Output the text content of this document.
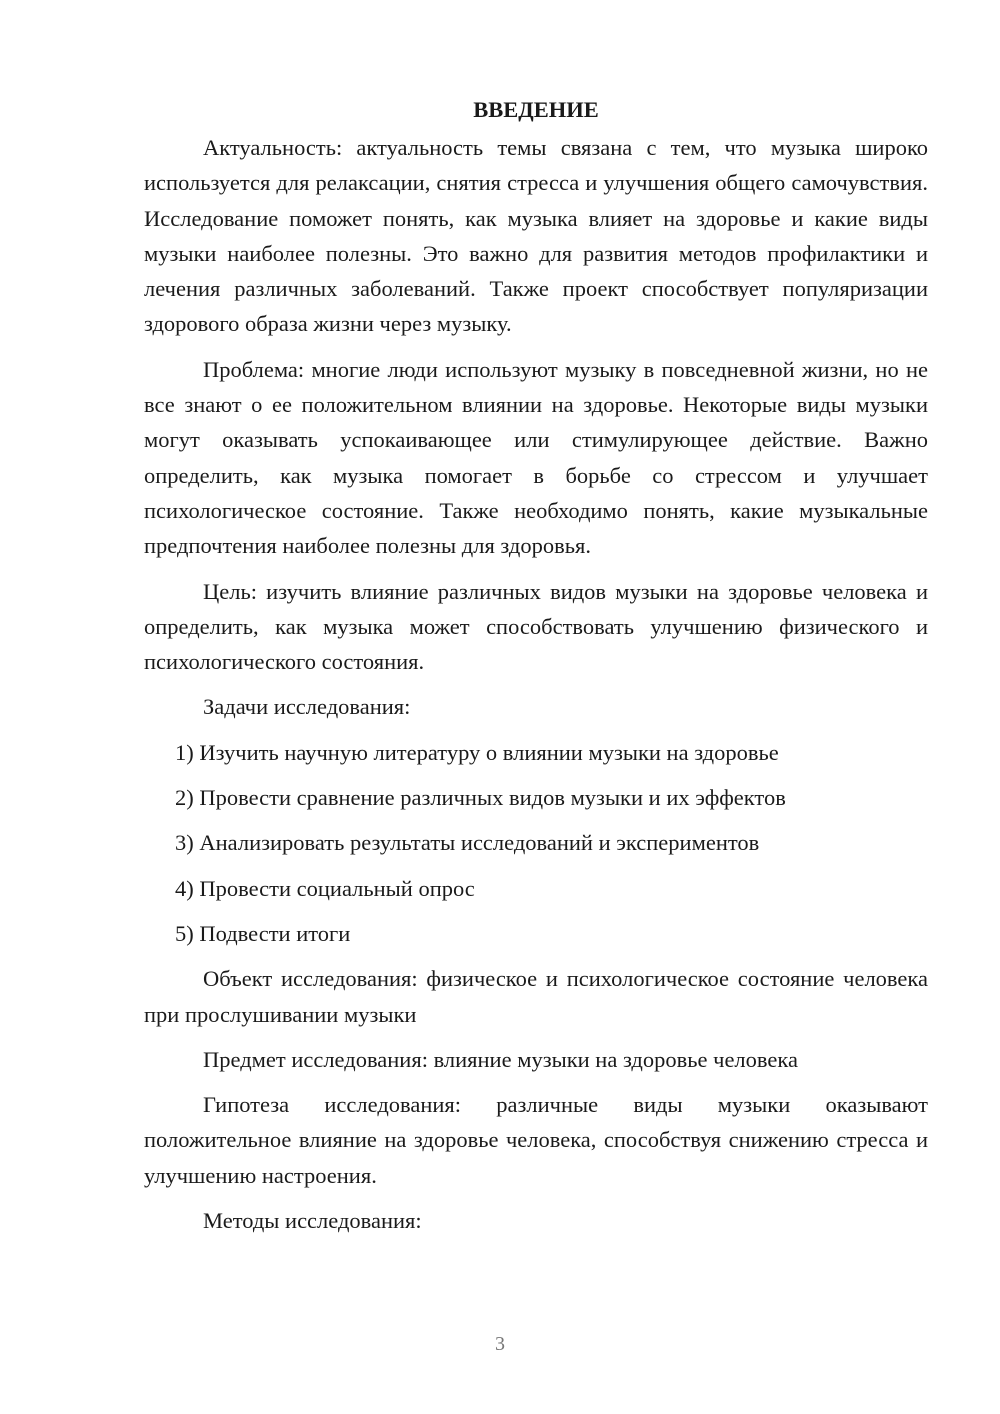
ВВЕДЕНИЕ

Актуальность: актуальность темы связана с тем, что музыка широко используется для релаксации, снятия стресса и улучшения общего самочувствия. Исследование поможет понять, как музыка влияет на здоровье и какие виды музыки наиболее полезны. Это важно для развития методов профилактики и лечения различных заболеваний. Также проект способствует популяризации здорового образа жизни через музыку.

Проблема: многие люди используют музыку в повседневной жизни, но не все знают о ее положительном влиянии на здоровье. Некоторые виды музыки могут оказывать успокаивающее или стимулирующее действие. Важно определить, как музыка помогает в борьбе со стрессом и улучшает психологическое состояние. Также необходимо понять, какие музыкальные предпочтения наиболее полезны для здоровья.

Цель: изучить влияние различных видов музыки на здоровье человека и определить, как музыка может способствовать улучшению физического и психологического состояния.

Задачи исследования:

1) Изучить научную литературу о влиянии музыки на здоровье
2) Провести сравнение различных видов музыки и их эффектов
3) Анализировать результаты исследований и экспериментов
4) Провести социальный опрос
5) Подвести итоги

Объект исследования: физическое и психологическое состояние человека при прослушивании музыки

Предмет исследования: влияние музыки на здоровье человека

Гипотеза исследования: различные виды музыки оказывают положительное влияние на здоровье человека, способствуя снижению стресса и улучшению настроения.

Методы исследования:

3
